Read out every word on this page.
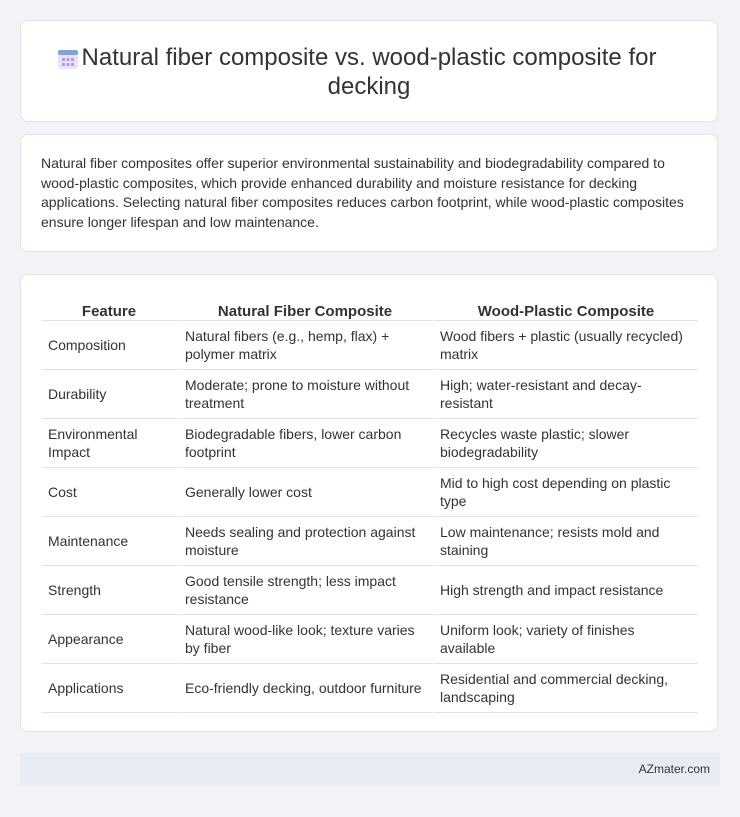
Natural fiber composite vs. wood-plastic composite for decking

Natural fiber composites offer superior environmental sustainability and biodegradability compared to wood-plastic composites, which provide enhanced durability and moisture resistance for decking applications. Selecting natural fiber composites reduces carbon footprint, while wood-plastic composites ensure longer lifespan and low maintenance.

Feature	Natural Fiber Composite	Wood-Plastic Composite
Composition	Natural fibers (e.g., hemp, flax) + polymer matrix	Wood fibers + plastic (usually recycled) matrix
Durability	Moderate; prone to moisture without treatment	High; water-resistant and decay-resistant
Environmental Impact	Biodegradable fibers, lower carbon footprint	Recycles waste plastic; slower biodegradability
Cost	Generally lower cost	Mid to high cost depending on plastic type
Maintenance	Needs sealing and protection against moisture	Low maintenance; resists mold and staining
Strength	Good tensile strength; less impact resistance	High strength and impact resistance
Appearance	Natural wood-like look; texture varies by fiber	Uniform look; variety of finishes available
Applications	Eco-friendly decking, outdoor furniture	Residential and commercial decking, landscaping
AZmater.com
